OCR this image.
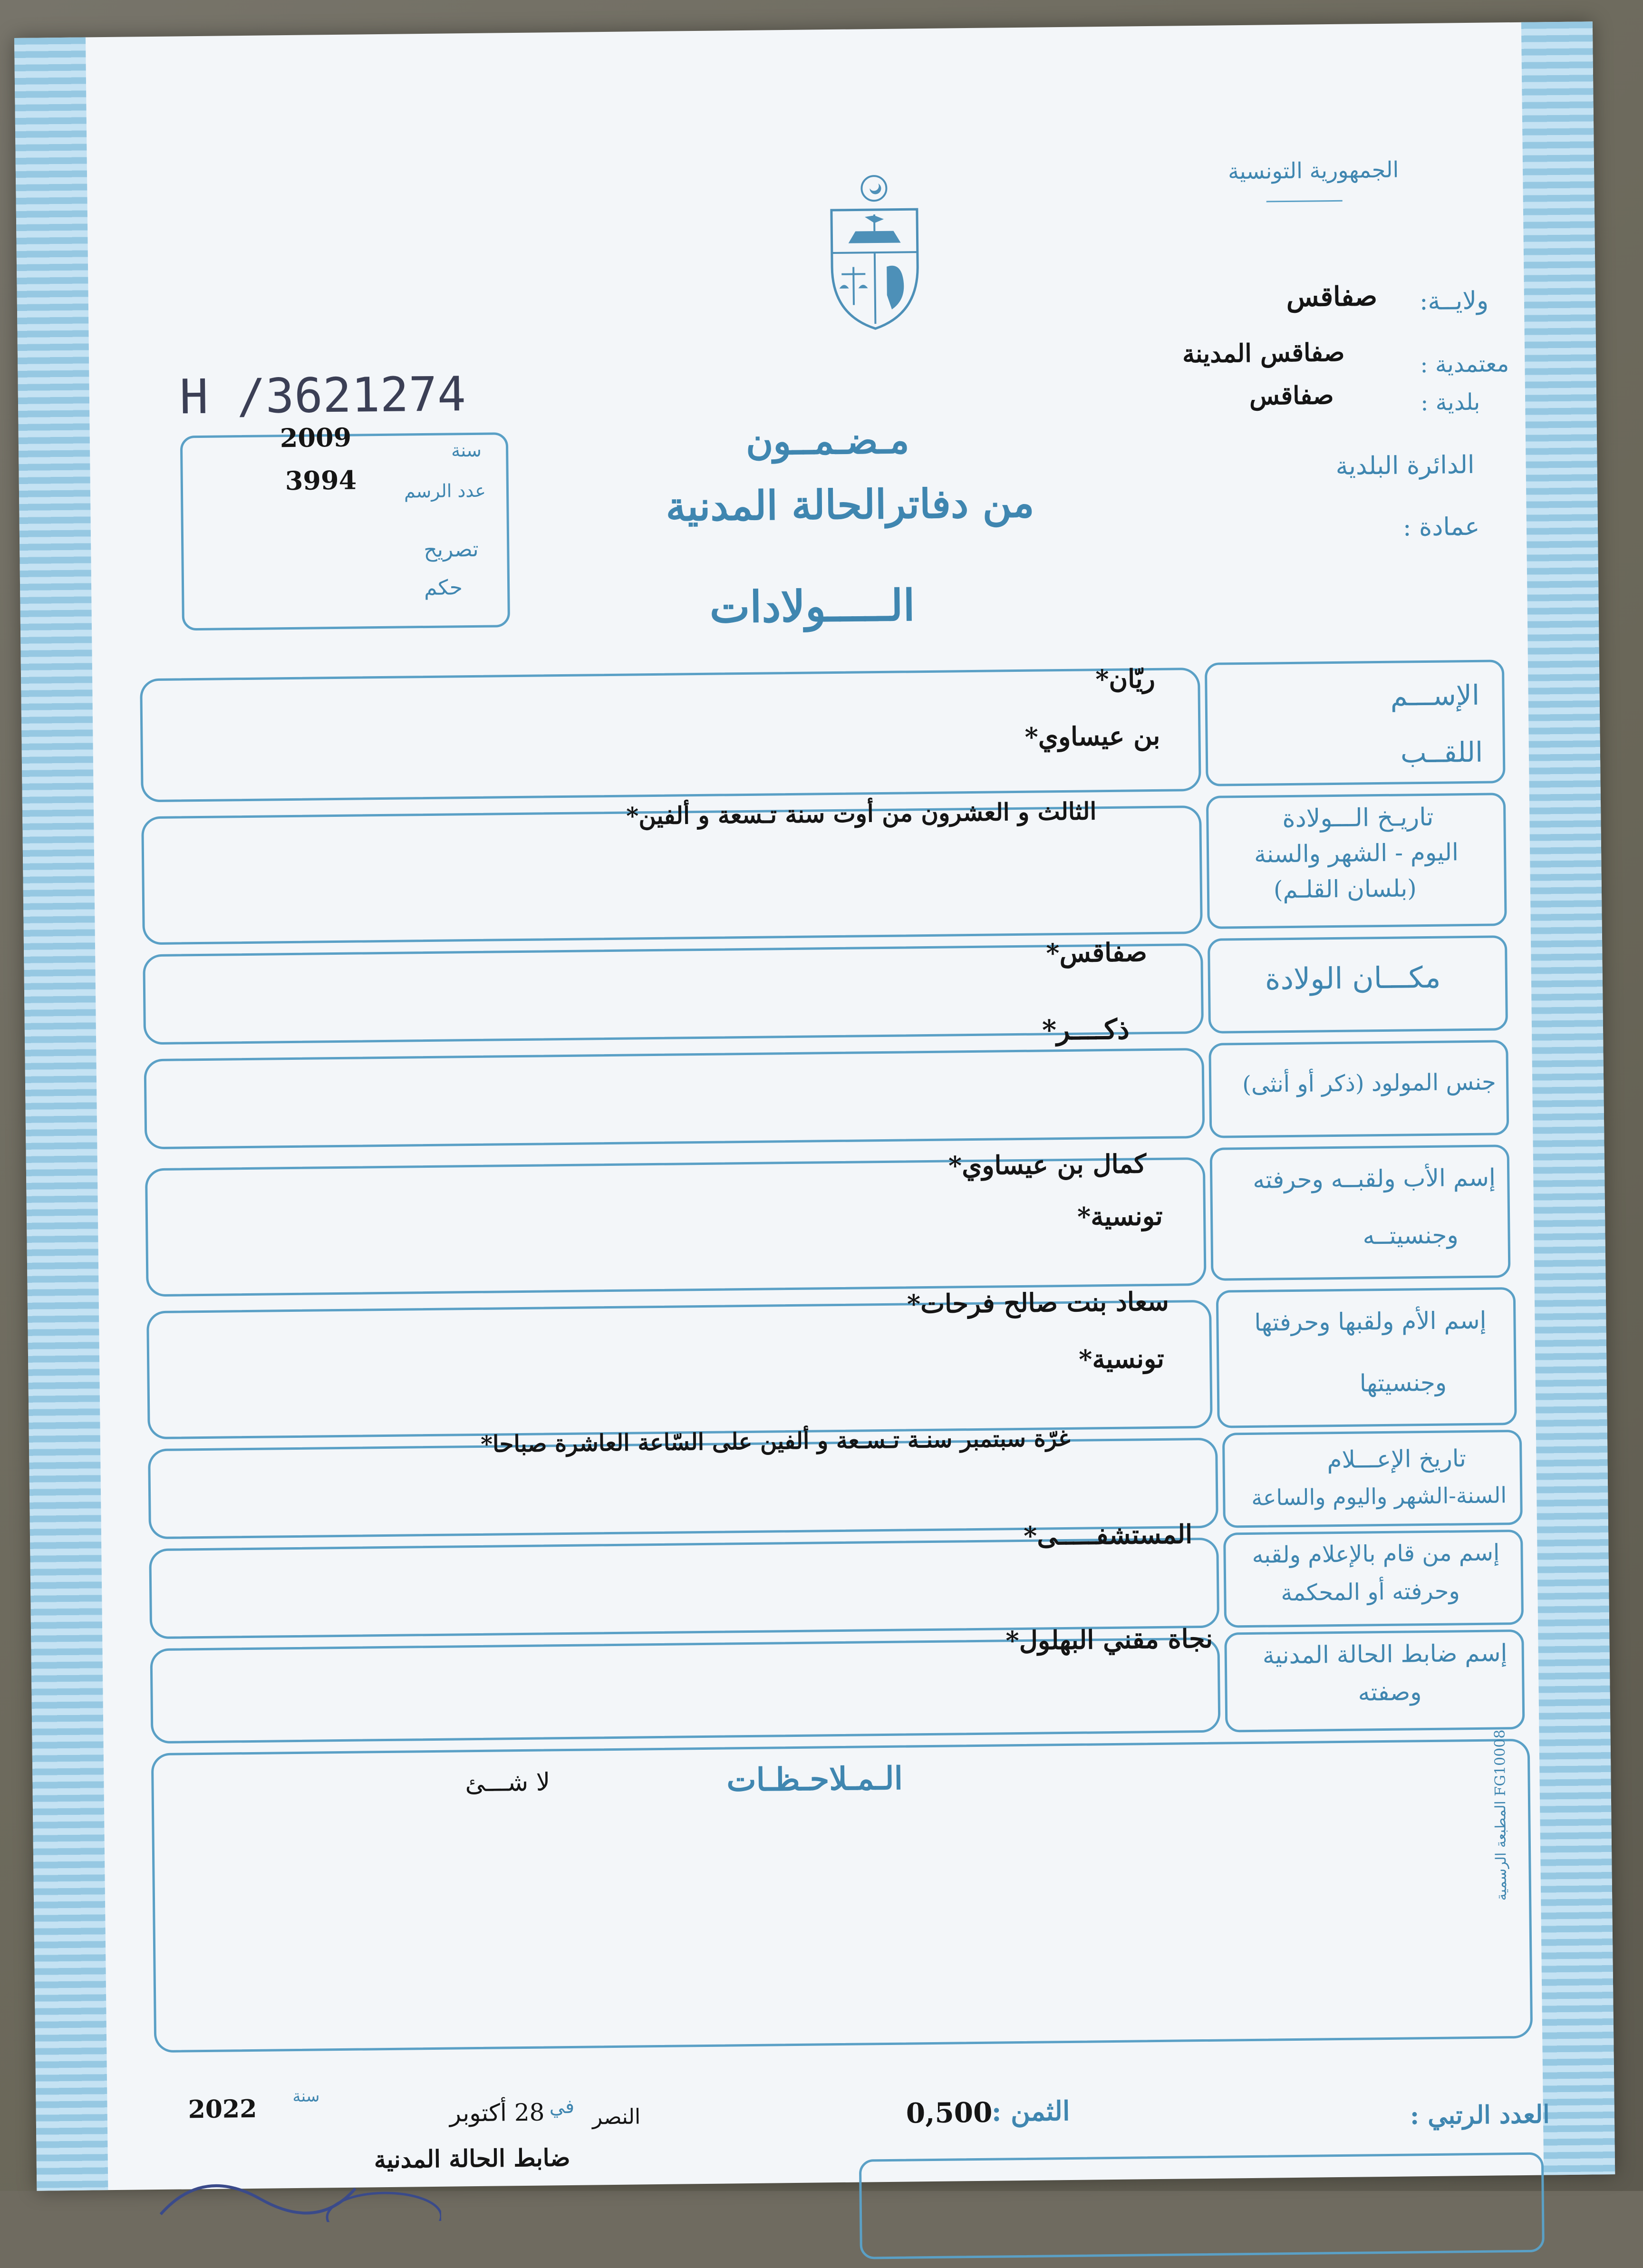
الجمهورية التونسية
ولايــة:
صفاقس
معتمدية :
صفاقس المدينة
بلدية :
صفاقس
الدائرة البلدية
عمادة :
H /3621274
سنة
2009
عدد الرسم
3994
تصريح
حكم
مـضـمــون
من دفاترالحالة المدنية
الـــــولادات
الإســـم
اللقــب
ريّان*
بن عيساوي*
تاريـخ الـــولادة
اليوم - الشهر والسنة
(بلسان القلـم)
الثالث و العشرون من أوت سنة تـسعة و ألفين*
مكـــان الولادة
صفاقس*
جنس المولود (ذكر أو أنثى)
ذكــــر*
إسم الأب ولقبــه وحرفته
وجنسيتــه
كمال بن عيساوي*
تونسية*
إسم الأم ولقبها وحرفتها
وجنسيتها
سعاد بنت صالح فرحات*
تونسية*
تاريخ الإعـــلام
السنة-الشهر واليوم والساعة
غرّة سبتمبر سنـة تـسـعة و ألفين على السّاعة العاشرة صباحا*
إسم من قام بالإعلام ولقبه
وحرفته أو المحكمة
المستشفـــــى*
إسم ضابط الحالة المدنية
وصفته
نجاة مقني البهلول*
الـمـلاحـظـات
لا شـــئ
المطبعة الرسمية FG10008
العدد الرتبي :
الثمن :
0,500
النصر
في
28 أكتوبر
سنة
2022
ضابط الحالة المدنية
